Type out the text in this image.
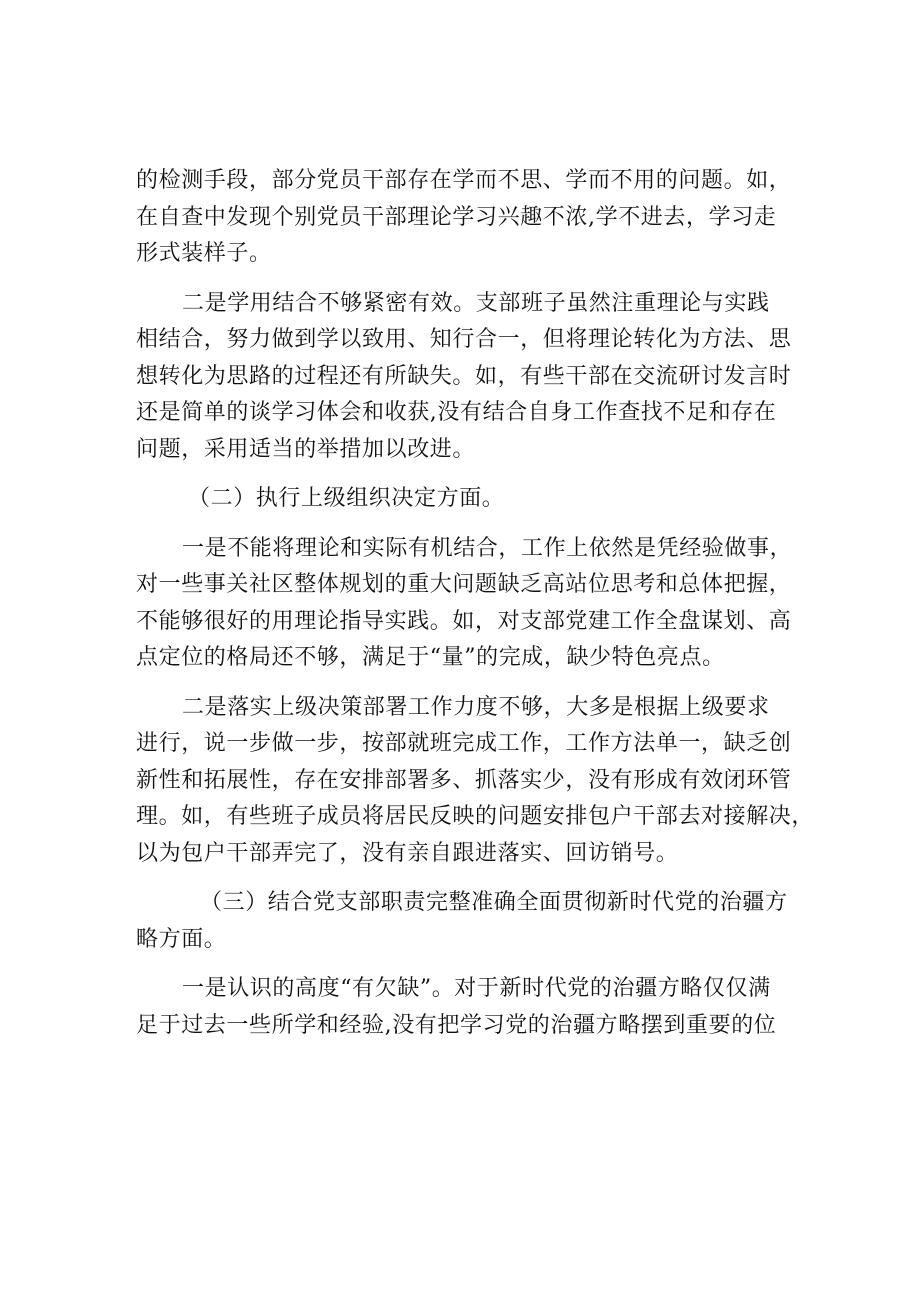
的检测手段，部分党员干部存在学而不思、学而不用的问题。如，
在自查中发现个别党员干部理论学习兴趣不浓,学不进去，学习走
形式装样子。
二是学用结合不够紧密有效。支部班子虽然注重理论与实践
相结合，努力做到学以致用、知行合一，但将理论转化为方法、思
想转化为思路的过程还有所缺失。如，有些干部在交流研讨发言时
还是简单的谈学习体会和收获,没有结合自身工作查找不足和存在
问题，采用适当的举措加以改进。
（二）执行上级组织决定方面。
一是不能将理论和实际有机结合，工作上依然是凭经验做事，
对一些事关社区整体规划的重大问题缺乏高站位思考和总体把握，
不能够很好的用理论指导实践。如，对支部党建工作全盘谋划、高
点定位的格局还不够，满足于“量”的完成，缺少特色亮点。
二是落实上级决策部署工作力度不够，大多是根据上级要求
进行，说一步做一步，按部就班完成工作，工作方法单一，缺乏创
新性和拓展性，存在安排部署多、抓落实少，没有形成有效闭环管
理。如，有些班子成员将居民反映的问题安排包户干部去对接解决，
以为包户干部弄完了，没有亲自跟进落实、回访销号。
（三）结合党支部职责完整准确全面贯彻新时代党的治疆方
略方面。
一是认识的高度“有欠缺”。对于新时代党的治疆方略仅仅满
足于过去一些所学和经验,没有把学习党的治疆方略摆到重要的位
